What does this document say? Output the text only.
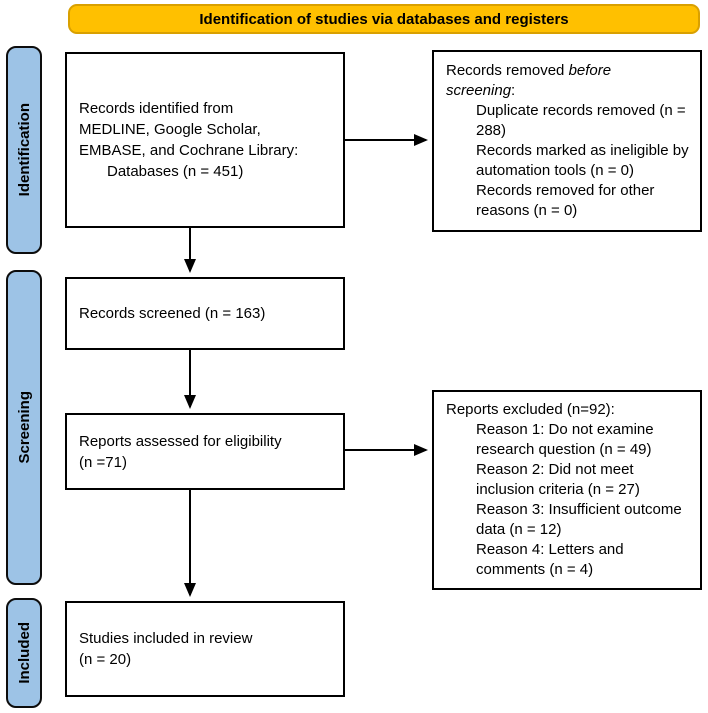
Identification of studies via databases and registers
Identification
Screening
Included
Records identified from
MEDLINE, Google Scholar,
EMBASE, and Cochrane Library:
Databases (n = 451)
Records removed before
screening:
Duplicate records removed (n = 288)
Records marked as ineligible by automation tools (n = 0)
Records removed for other reasons (n = 0)
Records screened (n = 163)
Reports assessed for eligibility
(n =71)
Reports excluded (n=92):
Reason 1: Do not examine research question (n = 49)
Reason 2: Did not meet inclusion criteria (n = 27)
Reason 3: Insufficient outcome data (n = 12)
Reason 4: Letters and comments (n = 4)
Studies included in review
(n = 20)
